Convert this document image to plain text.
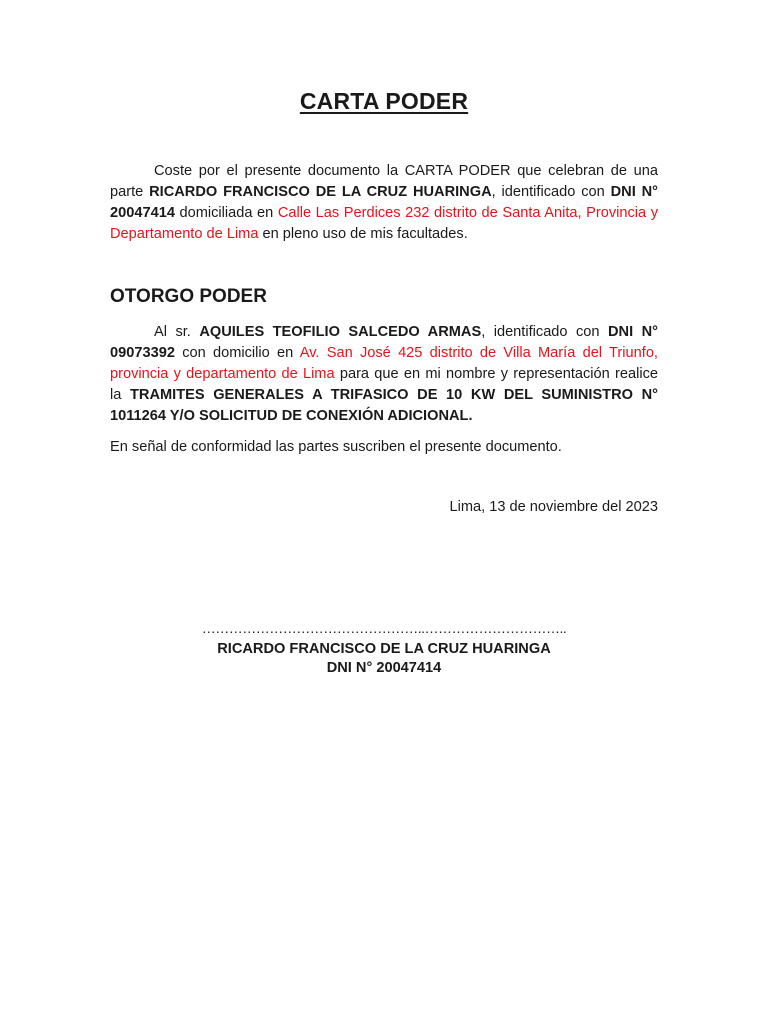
CARTA PODER

Coste por el presente documento la CARTA PODER que celebran de una parte RICARDO FRANCISCO DE LA CRUZ HUARINGA, identificado con DNI N° 20047414 domiciliada en Calle Las Perdices 232 distrito de Santa Anita, Provincia y Departamento de Lima en pleno uso de mis facultades.

OTORGO PODER

Al sr. AQUILES TEOFILIO SALCEDO ARMAS, identificado con DNI N° 09073392 con domicilio en Av. San José 425 distrito de Villa María del Triunfo, provincia y departamento de Lima para que en mi nombre y representación realice la TRAMITES GENERALES A TRIFASICO DE 10 KW DEL SUMINISTRO N° 1011264 Y/O SOLICITUD DE CONEXIÓN ADICIONAL.

En señal de conformidad las partes suscriben el presente documento.

Lima, 13 de noviembre del 2023
…………………………………………..…………………………..
RICARDO FRANCISCO DE LA CRUZ HUARINGA
DNI N° 20047414
